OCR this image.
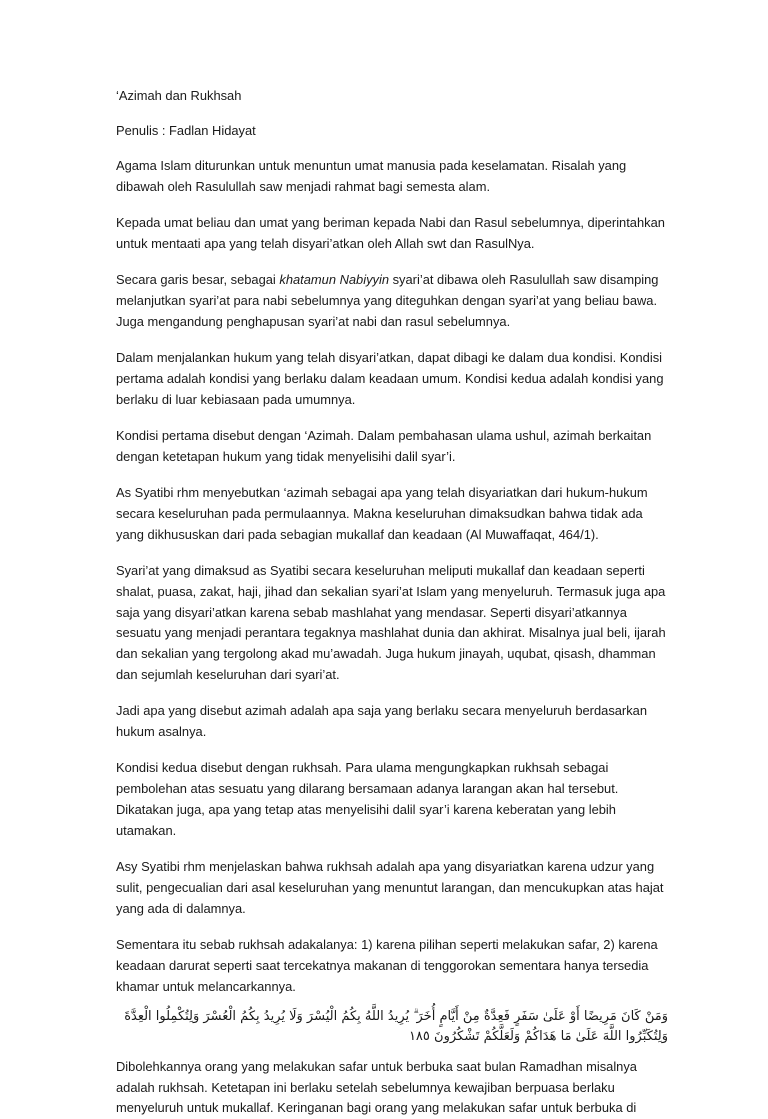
‘Azimah dan Rukhsah

Penulis : Fadlan Hidayat

Agama Islam diturunkan untuk menuntun umat manusia pada keselamatan. Risalah yang dibawah oleh Rasulullah saw menjadi rahmat bagi semesta alam.

Kepada umat beliau dan umat yang beriman kepada Nabi dan Rasul sebelumnya, diperintahkan untuk mentaati apa yang telah disyari’atkan oleh Allah swt dan RasulNya.

Secara garis besar, sebagai khatamun Nabiyyin syari’at dibawa oleh Rasulullah saw disamping melanjutkan syari’at para nabi sebelumnya yang diteguhkan dengan syari’at yang beliau bawa. Juga mengandung penghapusan syari’at nabi dan rasul sebelumnya.

Dalam menjalankan hukum yang telah disyari’atkan, dapat dibagi ke dalam dua kondisi. Kondisi pertama adalah kondisi yang berlaku dalam keadaan umum. Kondisi kedua adalah kondisi yang berlaku di luar kebiasaan pada umumnya.

Kondisi pertama disebut dengan ‘Azimah. Dalam pembahasan ulama ushul, azimah berkaitan dengan ketetapan hukum yang tidak menyelisihi dalil syar’i.

As Syatibi rhm menyebutkan ‘azimah sebagai apa yang telah disyariatkan dari hukum-hukum secara keseluruhan pada permulaannya. Makna keseluruhan dimaksudkan bahwa tidak ada yang dikhususkan dari pada sebagian mukallaf dan keadaan (Al Muwaffaqat, 464/1).

Syari’at yang dimaksud as Syatibi secara keseluruhan meliputi mukallaf dan keadaan seperti shalat, puasa, zakat, haji, jihad dan sekalian syari’at Islam yang menyeluruh. Termasuk juga apa saja yang disyari’atkan karena sebab mashlahat yang mendasar. Seperti disyari’atkannya sesuatu yang menjadi perantara tegaknya mashlahat dunia dan akhirat. Misalnya jual beli, ijarah dan sekalian yang tergolong akad mu’awadah. Juga hukum jinayah, uqubat, qisash, dhamman dan sejumlah keseluruhan dari syari’at.

Jadi apa yang disebut azimah adalah apa saja yang berlaku secara menyeluruh berdasarkan hukum asalnya.

Kondisi kedua disebut dengan rukhsah. Para ulama mengungkapkan rukhsah sebagai pembolehan atas sesuatu yang dilarang bersamaan adanya larangan akan hal tersebut. Dikatakan juga, apa yang tetap atas menyelisihi dalil syar’i karena keberatan yang lebih utamakan.

Asy Syatibi rhm menjelaskan bahwa rukhsah adalah apa yang disyariatkan karena udzur yang sulit, pengecualian dari asal keseluruhan yang menuntut larangan, dan mencukupkan atas hajat yang ada di dalamnya.

Sementara itu sebab rukhsah adakalanya: 1) karena pilihan seperti melakukan safar, 2) karena keadaan darurat seperti saat tercekatnya makanan di tenggorokan sementara hanya tersedia khamar untuk melancarkannya.

وَمَنْ كَانَ مَرِيضًا أَوْ عَلَىٰ سَفَرٍ فَعِدَّةٌ مِنْ أَيَّامٍ أُخَرَ ۗ يُرِيدُ اللَّهُ بِكُمُ الْيُسْرَ وَلَا يُرِيدُ بِكُمُ الْعُسْرَ وَلِتُكْمِلُوا الْعِدَّةَ وَلِتُكَبِّرُوا اللَّهَ عَلَىٰ مَا هَدَاكُمْ وَلَعَلَّكُمْ تَشْكُرُونَ ١٨٥

Dibolehkannya orang yang melakukan safar untuk berbuka saat bulan Ramadhan misalnya adalah rukhsah. Ketetapan ini berlaku setelah sebelumnya kewajiban berpuasa berlaku menyeluruh untuk mukallaf. Keringanan bagi orang yang melakukan safar untuk berbuka di
